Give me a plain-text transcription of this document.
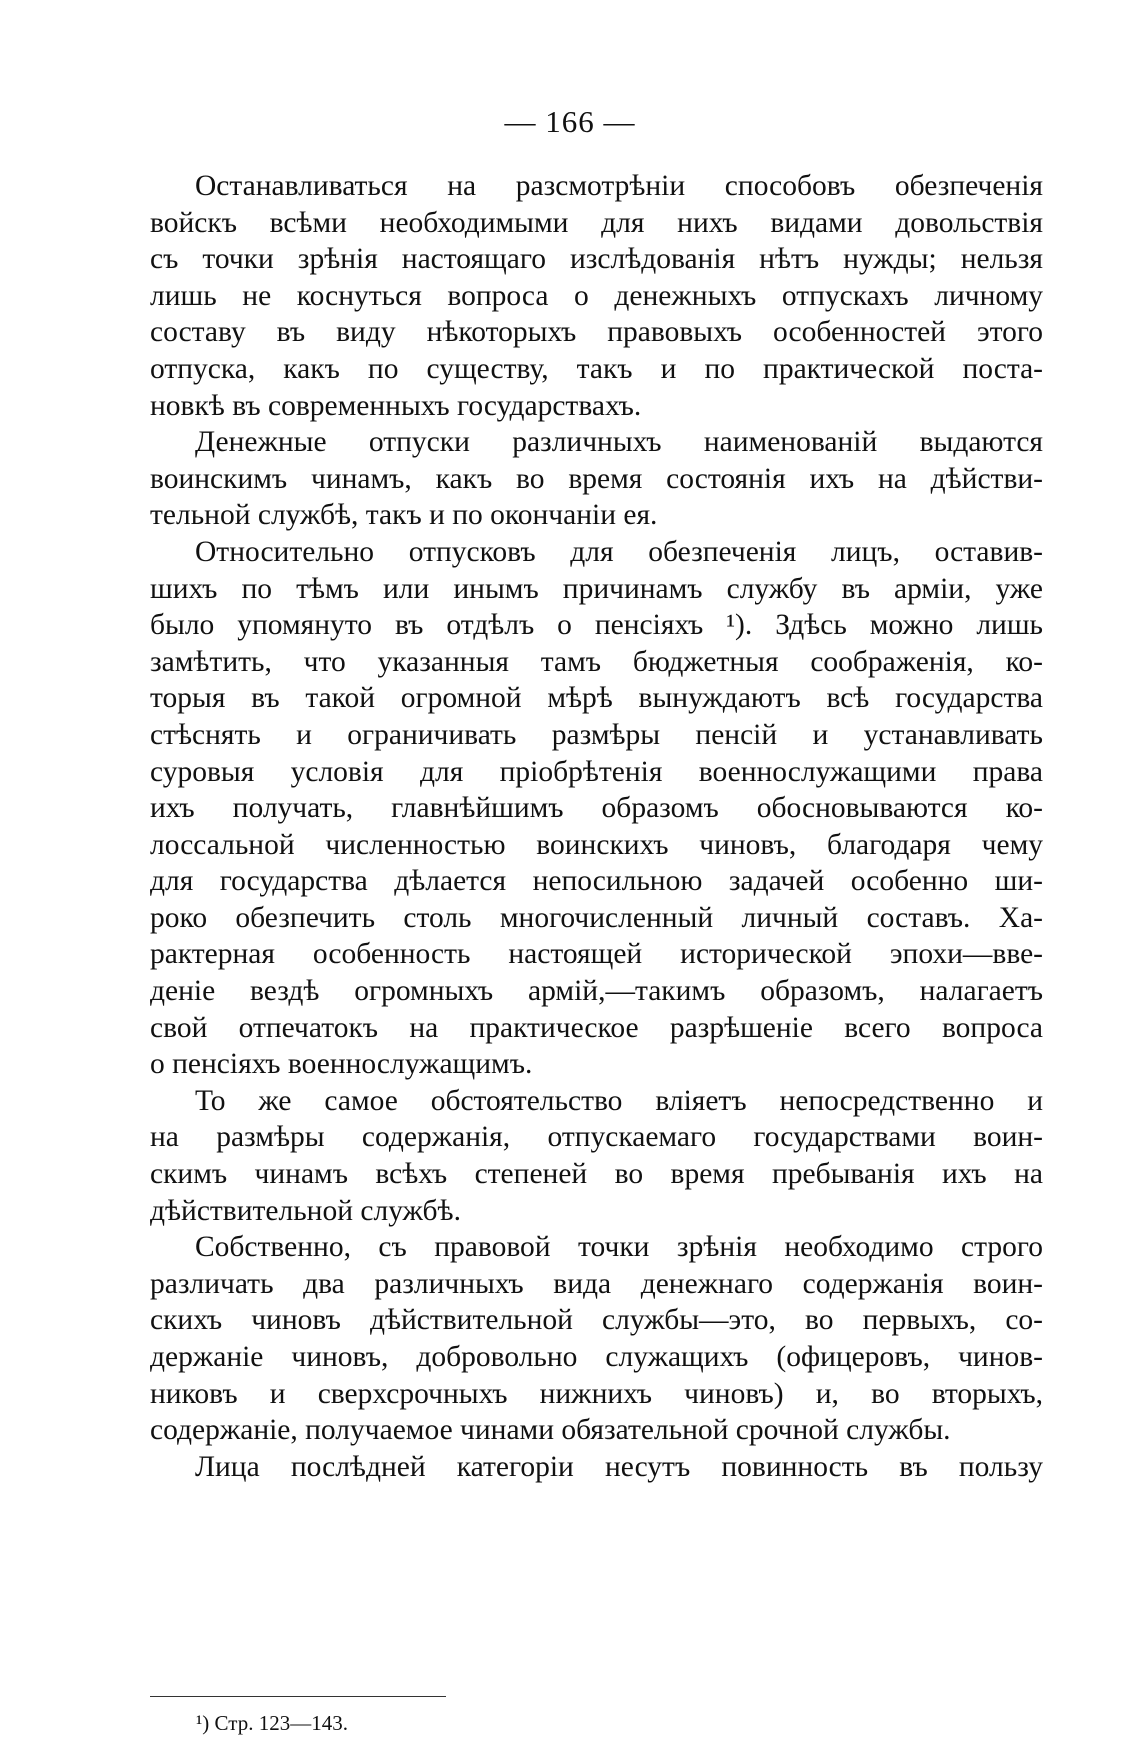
— 166 —
Останавливаться на разсмотрѣніи способовъ обезпеченія
войскъ всѣми необходимыми для нихъ видами довольствія
съ точки зрѣнія настоящаго изслѣдованія нѣтъ нужды; нельзя
лишь не коснуться вопроса о денежныхъ отпускахъ личному
составу въ виду нѣкоторыхъ правовыхъ особенностей этого
отпуска, какъ по существу, такъ и по практической поста-
новкѣ въ современныхъ государствахъ.
Денежные отпуски различныхъ наименованій выдаются
воинскимъ чинамъ, какъ во время состоянія ихъ на дѣйстви-
тельной службѣ, такъ и по окончаніи ея.
Относительно отпусковъ для обезпеченія лицъ, оставив-
шихъ по тѣмъ или инымъ причинамъ службу въ арміи, уже
было упомянуто въ отдѣлъ о пенсіяхъ ¹). Здѣсь можно лишь
замѣтить, что указанныя тамъ бюджетныя соображенія, ко-
торыя въ такой огромной мѣрѣ вынуждаютъ всѣ государства
стѣснять и ограничивать размѣры пенсій и устанавливать
суровыя условія для пріобрѣтенія военнослужащими права
ихъ получать, главнѣйшимъ образомъ обосновываются ко-
лоссальной численностью воинскихъ чиновъ, благодаря чему
для государства дѣлается непосильною задачей особенно ши-
роко обезпечить столь многочисленный личный составъ. Ха-
рактерная особенность настоящей исторической эпохи—вве-
деніе вездѣ огромныхъ армій,—такимъ образомъ, налагаетъ
свой отпечатокъ на практическое разрѣшеніе всего вопроса
о пенсіяхъ военнослужащимъ.
То же самое обстоятельство вліяетъ непосредственно и
на размѣры содержанія, отпускаемаго государствами воин-
скимъ чинамъ всѣхъ степеней во время пребыванія ихъ на
дѣйствительной службѣ.
Собственно, съ правовой точки зрѣнія необходимо строго
различать два различныхъ вида денежнаго содержанія воин-
скихъ чиновъ дѣйствительной службы—это, во первыхъ, со-
держаніе чиновъ, добровольно служащихъ (офицеровъ, чинов-
никовъ и сверхсрочныхъ нижнихъ чиновъ) и, во вторыхъ,
содержаніе, получаемое чинами обязательной срочной службы.
Лица послѣдней категоріи несутъ повинность въ пользу
¹) Стр. 123—143.
